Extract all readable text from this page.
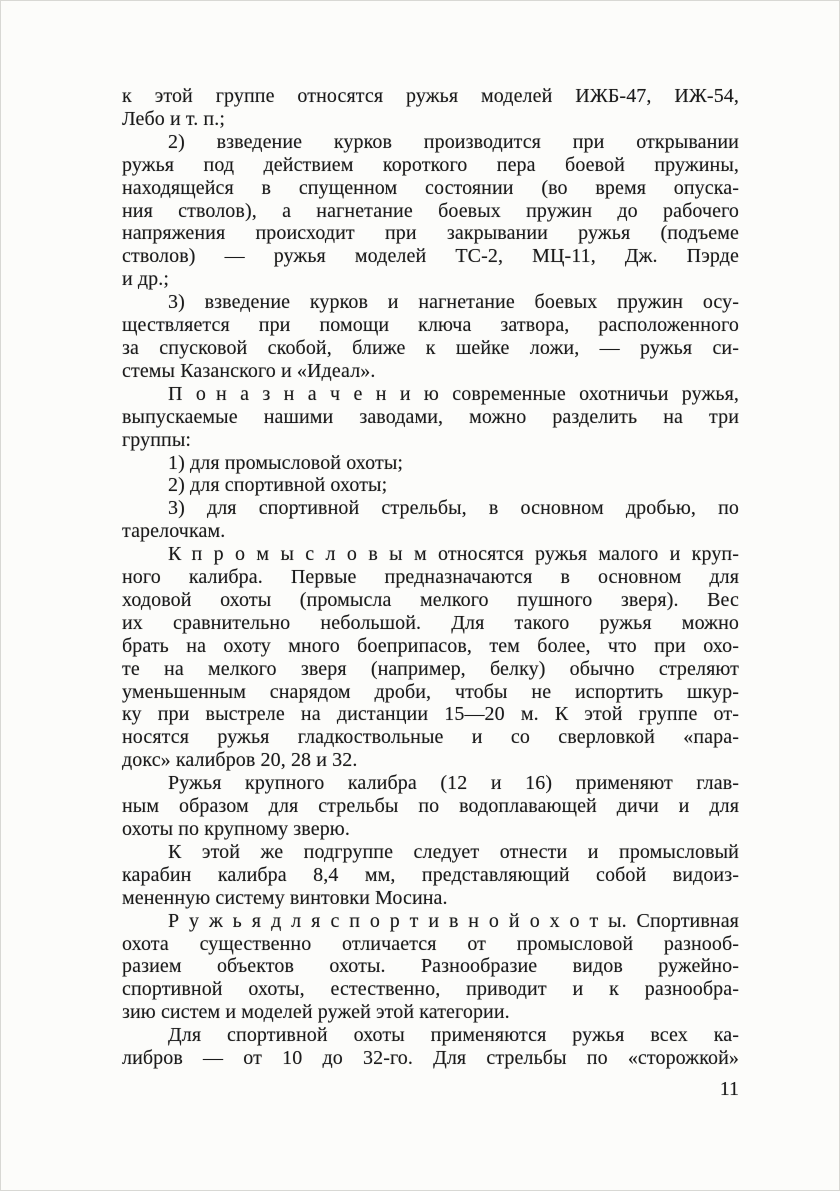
к этой группе относятся ружья моделей ИЖБ-47, ИЖ-54,
Лебо и т. п.;
2) взведение курков производится при открывании
ружья под действием короткого пера боевой пружины,
находящейся в спущенном состоянии (во время опуска-
ния стволов), а нагнетание боевых пружин до рабочего
напряжения происходит при закрывании ружья (подъеме
стволов) — ружья моделей ТС-2, МЦ-11, Дж. Пэрде
и др.;
3) взведение курков и нагнетание боевых пружин осу-
ществляется при помощи ключа затвора, расположенного
за спусковой скобой, ближе к шейке ложи, — ружья си-
стемы Казанского и «Идеал».
П о н а з н а ч е н и ю современные охотничьи ружья,
выпускаемые нашими заводами, можно разделить на три
группы:
1) для промысловой охоты;
2) для спортивной охоты;
3) для спортивной стрельбы, в основном дробью, по
тарелочкам.
К п р о м ы с л о в ы м относятся ружья малого и круп-
ного калибра. Первые предназначаются в основном для
ходовой охоты (промысла мелкого пушного зверя). Вес
их сравнительно небольшой. Для такого ружья можно
брать на охоту много боеприпасов, тем более, что при охо-
те на мелкого зверя (например, белку) обычно стреляют
уменьшенным снарядом дроби, чтобы не испортить шкур-
ку при выстреле на дистанции 15—20 м. К этой группе от-
носятся ружья гладкоствольные и со сверловкой «пара-
докс» калибров 20, 28 и 32.
Ружья крупного калибра (12 и 16) применяют глав-
ным образом для стрельбы по водоплавающей дичи и для
охоты по крупному зверю.
К этой же подгруппе следует отнести и промысловый
карабин калибра 8,4 мм, представляющий собой видоиз-
мененную систему винтовки Мосина.
Р у ж ь я д л я с п о р т и в н о й о х о т ы. Спортивная
охота существенно отличается от промысловой разнооб-
разием объектов охоты. Разнообразие видов ружейно-
спортивной охоты, естественно, приводит и к разнообра-
зию систем и моделей ружей этой категории.
Для спортивной охоты применяются ружья всех ка-
либров — от 10 до 32-го. Для стрельбы по «сторожкой»
11
